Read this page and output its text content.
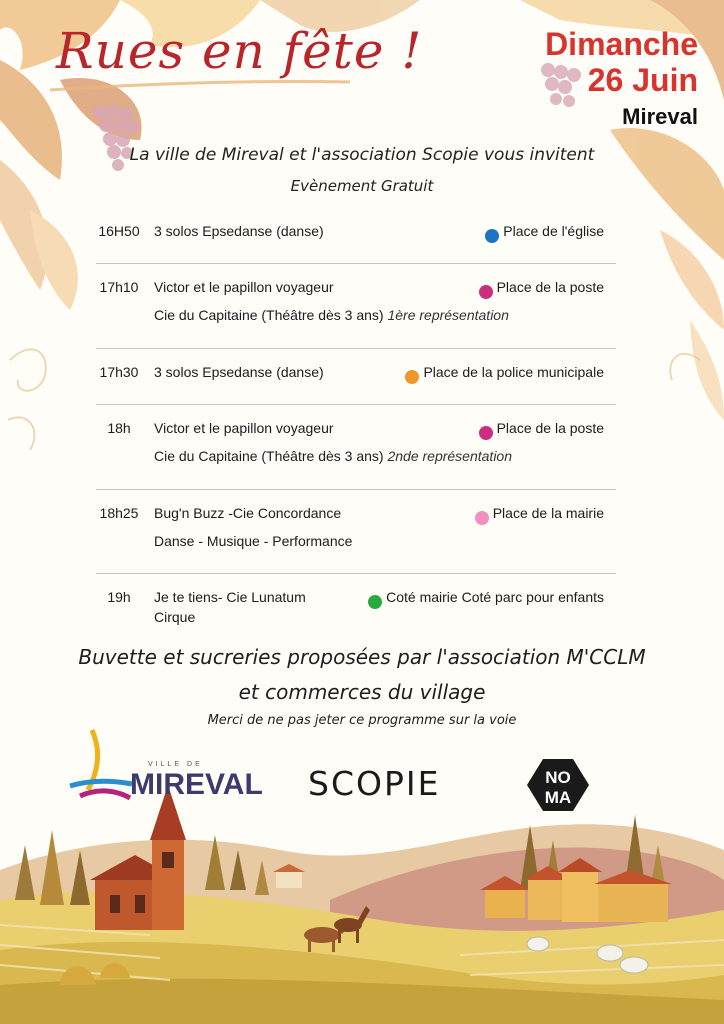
Rues en fête !	Dimanche
26 Juin
Mireval
La ville de Mireval et l'association Scopie vous invitent
Evènement Gratuit
16H50 3 solos Epsedanse (danse)	Place de l'église
17h10 Victor et le papillon voyageur	Place de la poste
Cie du Capitaine (Théâtre dès 3 ans) 1ère représentation
17h30 3 solos Epsedanse (danse)	Place de la police municipale
18h	Victor et le papillon voyageur	Place de la poste
Cie du Capitaine (Théâtre dès 3 ans) 2nde représentation
18h25 Bug'n Buzz -Cie Concordance	Place de la mairie
Danse - Musique - Performance
19h	Je te tiens- Cie Lunatum	Coté mairie Coté parc pour enfants
Cirque
Buvette et sucreries proposées par l'association M'CCLM
et commerces du village
Merci de ne pas jeter ce programme sur la voie
VILLE DE
MIREVAL SCOPIE	NO
MA
